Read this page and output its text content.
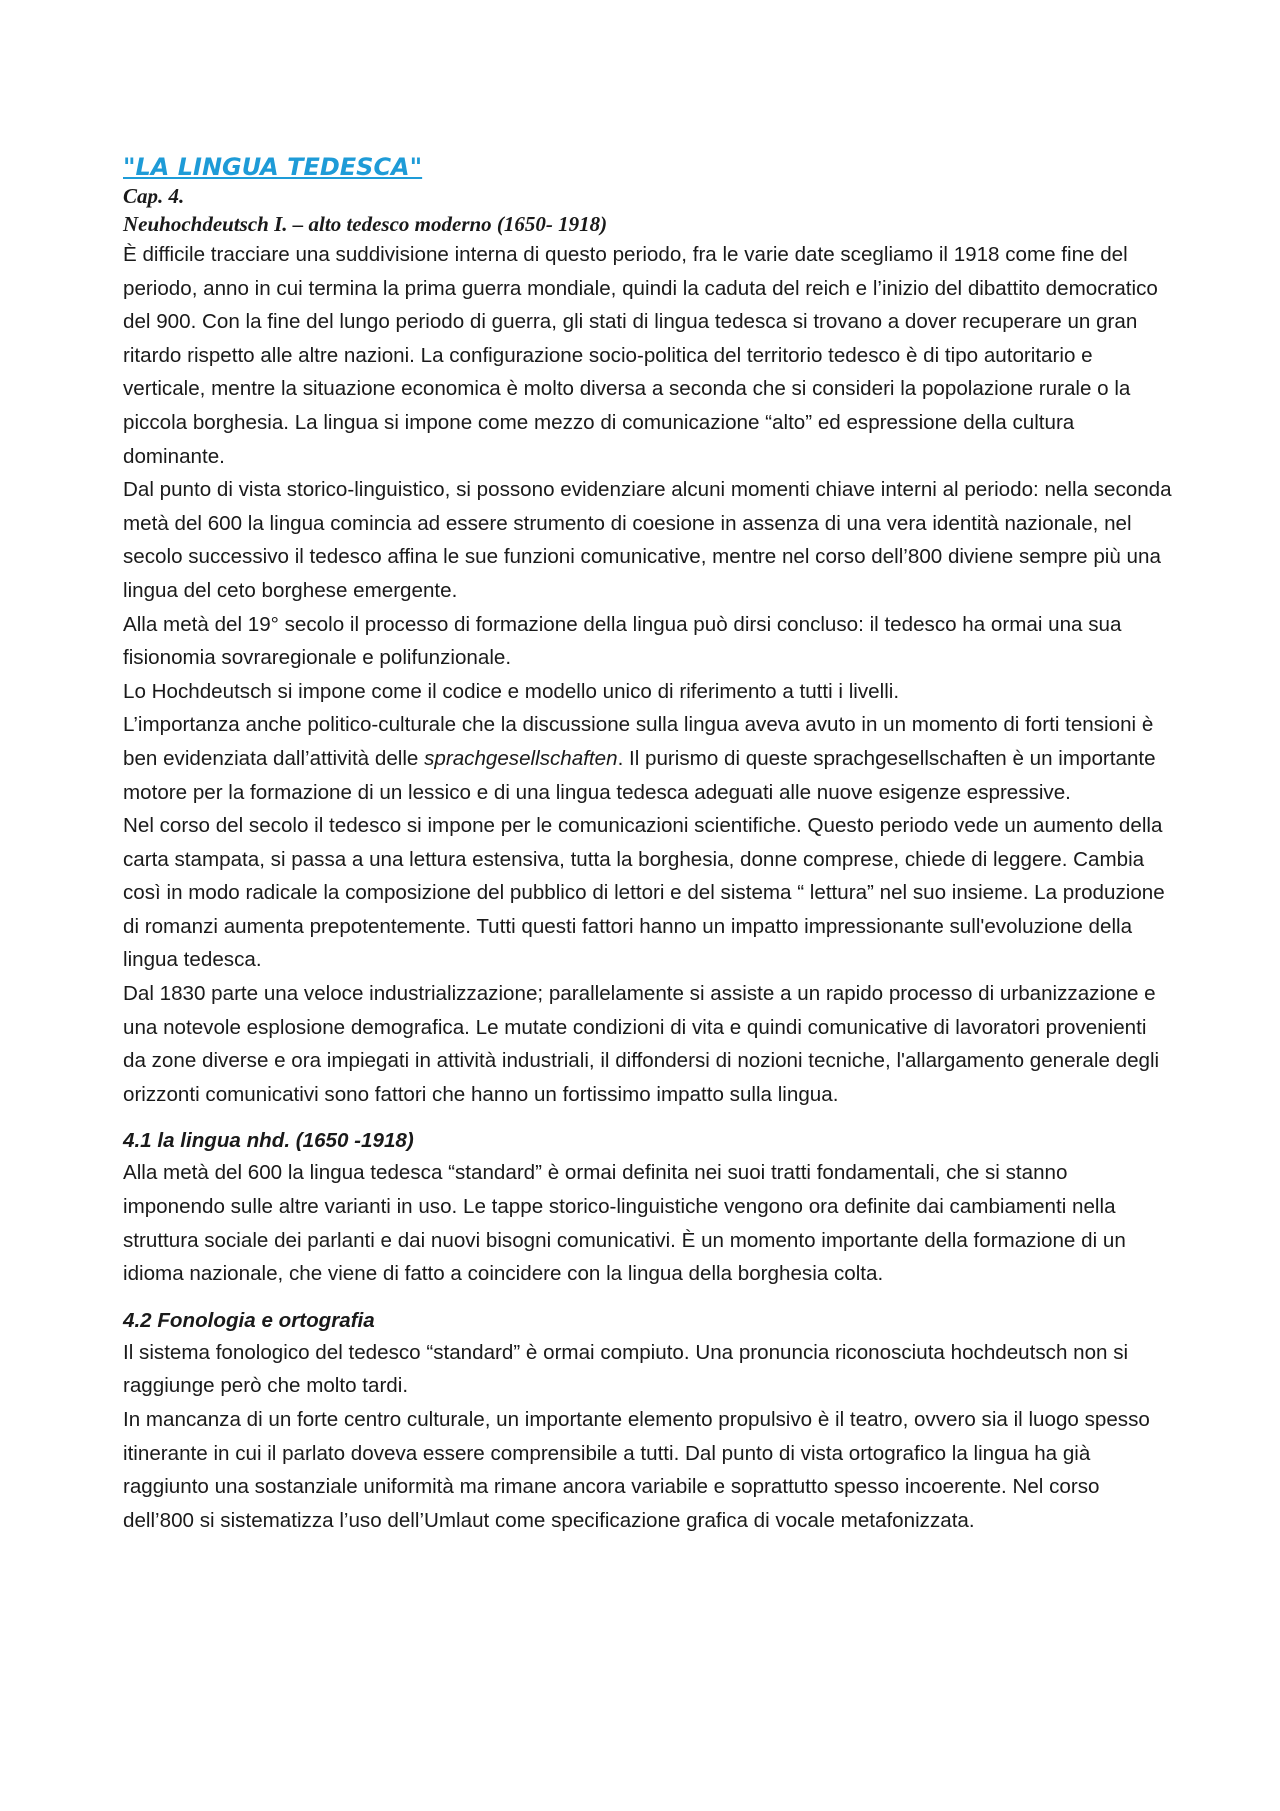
"LA LINGUA TEDESCA"

Cap. 4.

Neuhochdeutsch I. – alto tedesco moderno (1650- 1918)

È difficile tracciare una suddivisione interna di questo periodo, fra le varie date scegliamo il 1918 come fine del periodo, anno in cui termina la prima guerra mondiale, quindi la caduta del reich e l’inizio del dibattito democratico del 900. Con la fine del lungo periodo di guerra, gli stati di lingua tedesca si trovano a dover recuperare un gran ritardo rispetto alle altre nazioni. La configurazione socio-politica del territorio tedesco è di tipo autoritario e verticale, mentre la situazione economica è molto diversa a seconda che si consideri la popolazione rurale o la piccola borghesia. La lingua si impone come mezzo di comunicazione “alto” ed espressione della cultura dominante.

Dal punto di vista storico-linguistico, si possono evidenziare alcuni momenti chiave interni al periodo: nella seconda metà del 600 la lingua comincia ad essere strumento di coesione in assenza di una vera identità nazionale, nel secolo successivo il tedesco affina le sue funzioni comunicative, mentre nel corso dell’800 diviene sempre più una lingua del ceto borghese emergente.

Alla metà del 19° secolo il processo di formazione della lingua può dirsi concluso: il tedesco ha ormai una sua fisionomia sovraregionale e polifunzionale.

Lo Hochdeutsch si impone come il codice e modello unico di riferimento a tutti i livelli.

L’importanza anche politico-culturale che la discussione sulla lingua aveva avuto in un momento di forti tensioni è ben evidenziata dall’attività delle sprachgesellschaften. Il purismo di queste sprachgesellschaften è un importante motore per la formazione di un lessico e di una lingua tedesca adeguati alle nuove esigenze espressive.

Nel corso del secolo il tedesco si impone per le comunicazioni scientifiche. Questo periodo vede un aumento della carta stampata, si passa a una lettura estensiva, tutta la borghesia, donne comprese, chiede di leggere. Cambia così in modo radicale la composizione del pubblico di lettori e del sistema “ lettura” nel suo insieme. La produzione di romanzi aumenta prepotentemente. Tutti questi fattori hanno un impatto impressionante sull'evoluzione della lingua tedesca.

Dal 1830 parte una veloce industrializzazione; parallelamente si assiste a un rapido processo di urbanizzazione e una notevole esplosione demografica. Le mutate condizioni di vita e quindi comunicative di lavoratori provenienti da zone diverse e ora impiegati in attività industriali, il diffondersi di nozioni tecniche, l'allargamento generale degli orizzonti comunicativi sono fattori che hanno un fortissimo impatto sulla lingua.

4.1 la lingua nhd. (1650 -1918)

Alla metà del 600 la lingua tedesca “standard” è ormai definita nei suoi tratti fondamentali, che si stanno imponendo sulle altre varianti in uso. Le tappe storico-linguistiche vengono ora definite dai cambiamenti nella struttura sociale dei parlanti e dai nuovi bisogni comunicativi. È un momento importante della formazione di un idioma nazionale, che viene di fatto a coincidere con la lingua della borghesia colta.

4.2 Fonologia e ortografia

Il sistema fonologico del tedesco “standard” è ormai compiuto. Una pronuncia riconosciuta hochdeutsch non si raggiunge però che molto tardi.

In mancanza di un forte centro culturale, un importante elemento propulsivo è il teatro, ovvero sia il luogo spesso itinerante in cui il parlato doveva essere comprensibile a tutti. Dal punto di vista ortografico la lingua ha già raggiunto una sostanziale uniformità ma rimane ancora variabile e soprattutto spesso incoerente. Nel corso dell’800 si sistematizza l’uso dell’Umlaut come specificazione grafica di vocale metafonizzata.
